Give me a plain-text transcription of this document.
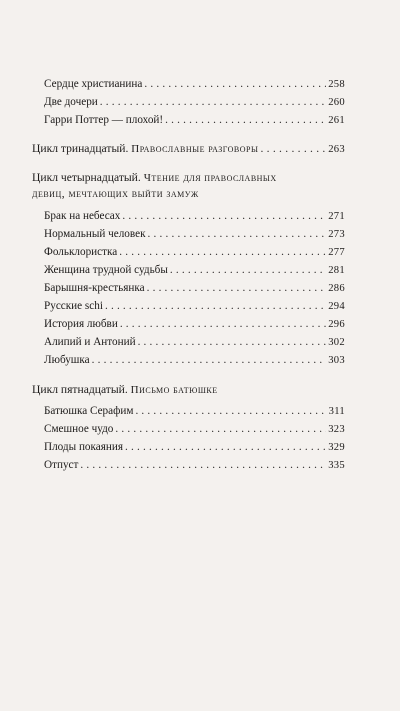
Сердце христианина . . .	258
Две дочери . . .	260
Гарри Поттер — плохой! . . .	261
Цикл тринадцатый. Православные разговоры . . .	263
Цикл четырнадцатый. Чтение для православных
девиц, мечтающих выйти замуж
Брак на небесах . . .	271
Нормальный человек . . .	273
Фольклористка . . .	277
Женщина трудной судьбы . . .	281
Барышня-крестьянка . . .	286
Русские schi . . .	294
История любви . . .	296
Алипий и Антоний . . .	302
Любушка . . .	303
Цикл пятнадцатый. Письмо батюшке
Батюшка Серафим . . .	311
Смешное чудо . . .	323
Плоды покаяния . . .	329
Отпуст . . .	335
